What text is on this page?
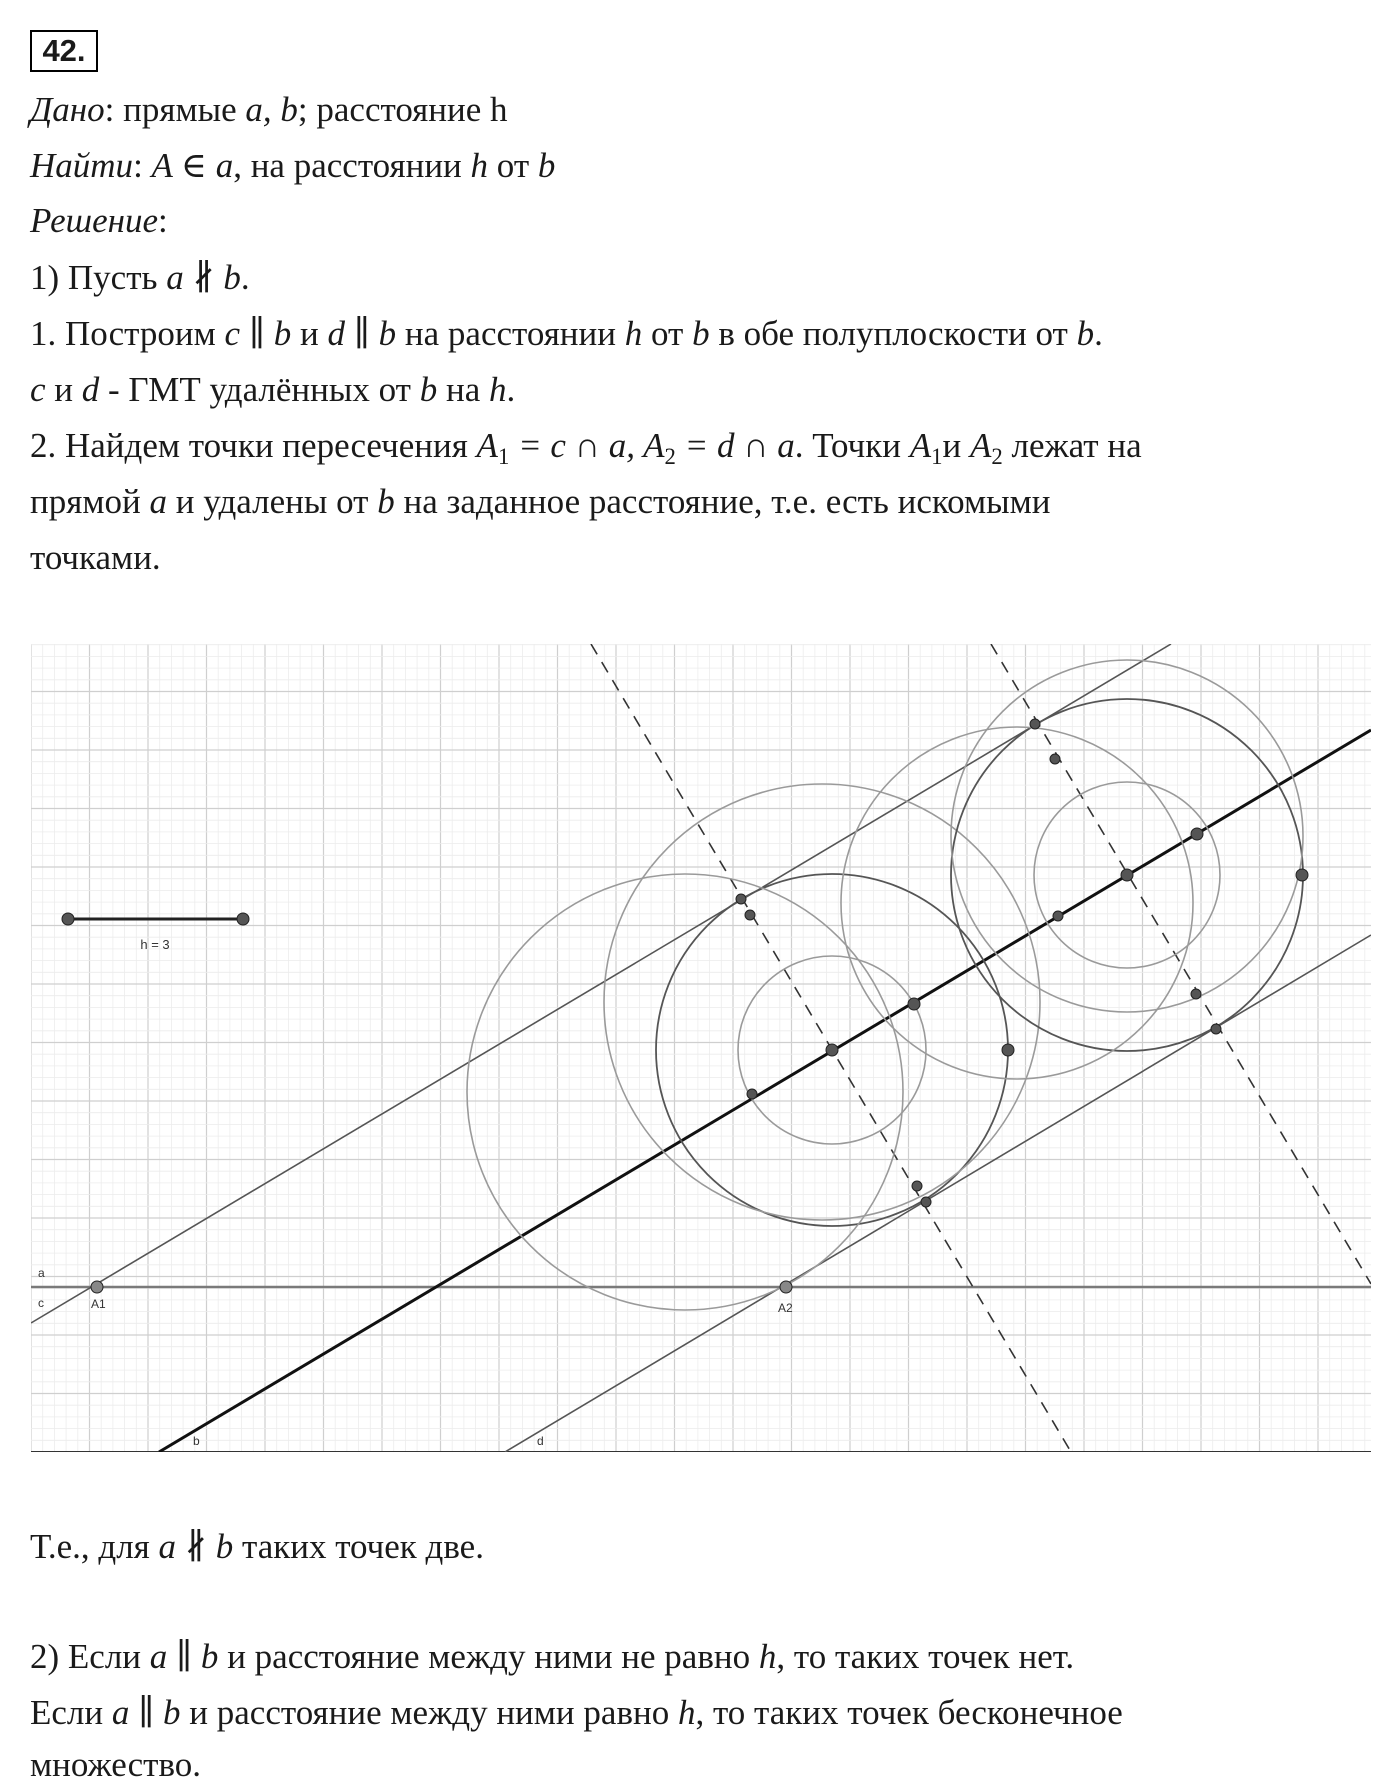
42.
Дано: прямые a, b; расстояние h
Найти: A ∈ a, на расстоянии h от b
Решение:
1) Пусть a ∦ b.
1. Построим c ∥ b и d ∥ b на расстоянии h от b в обе полуплоскости от b.
c и d - ГМТ удалённых от b на h.
2. Найдем точки пересечения $A_1 = c$ ∩ a, $A_2 = d$ ∩ a. Точки $A_1и$ $A_2$ лежат на
прямой a и удалены от b на заданное расстояние, т.е. есть искомыми
точками.
h = 3
A1	A2
a
c
b	d
Т.е., для a ∦ b таких точек две.
2) Если a ∥ b и расстояние между ними не равно h, то таких точек нет.
Если a ∥ b и расстояние между ними равно h, то таких точек бесконечное
множество.
